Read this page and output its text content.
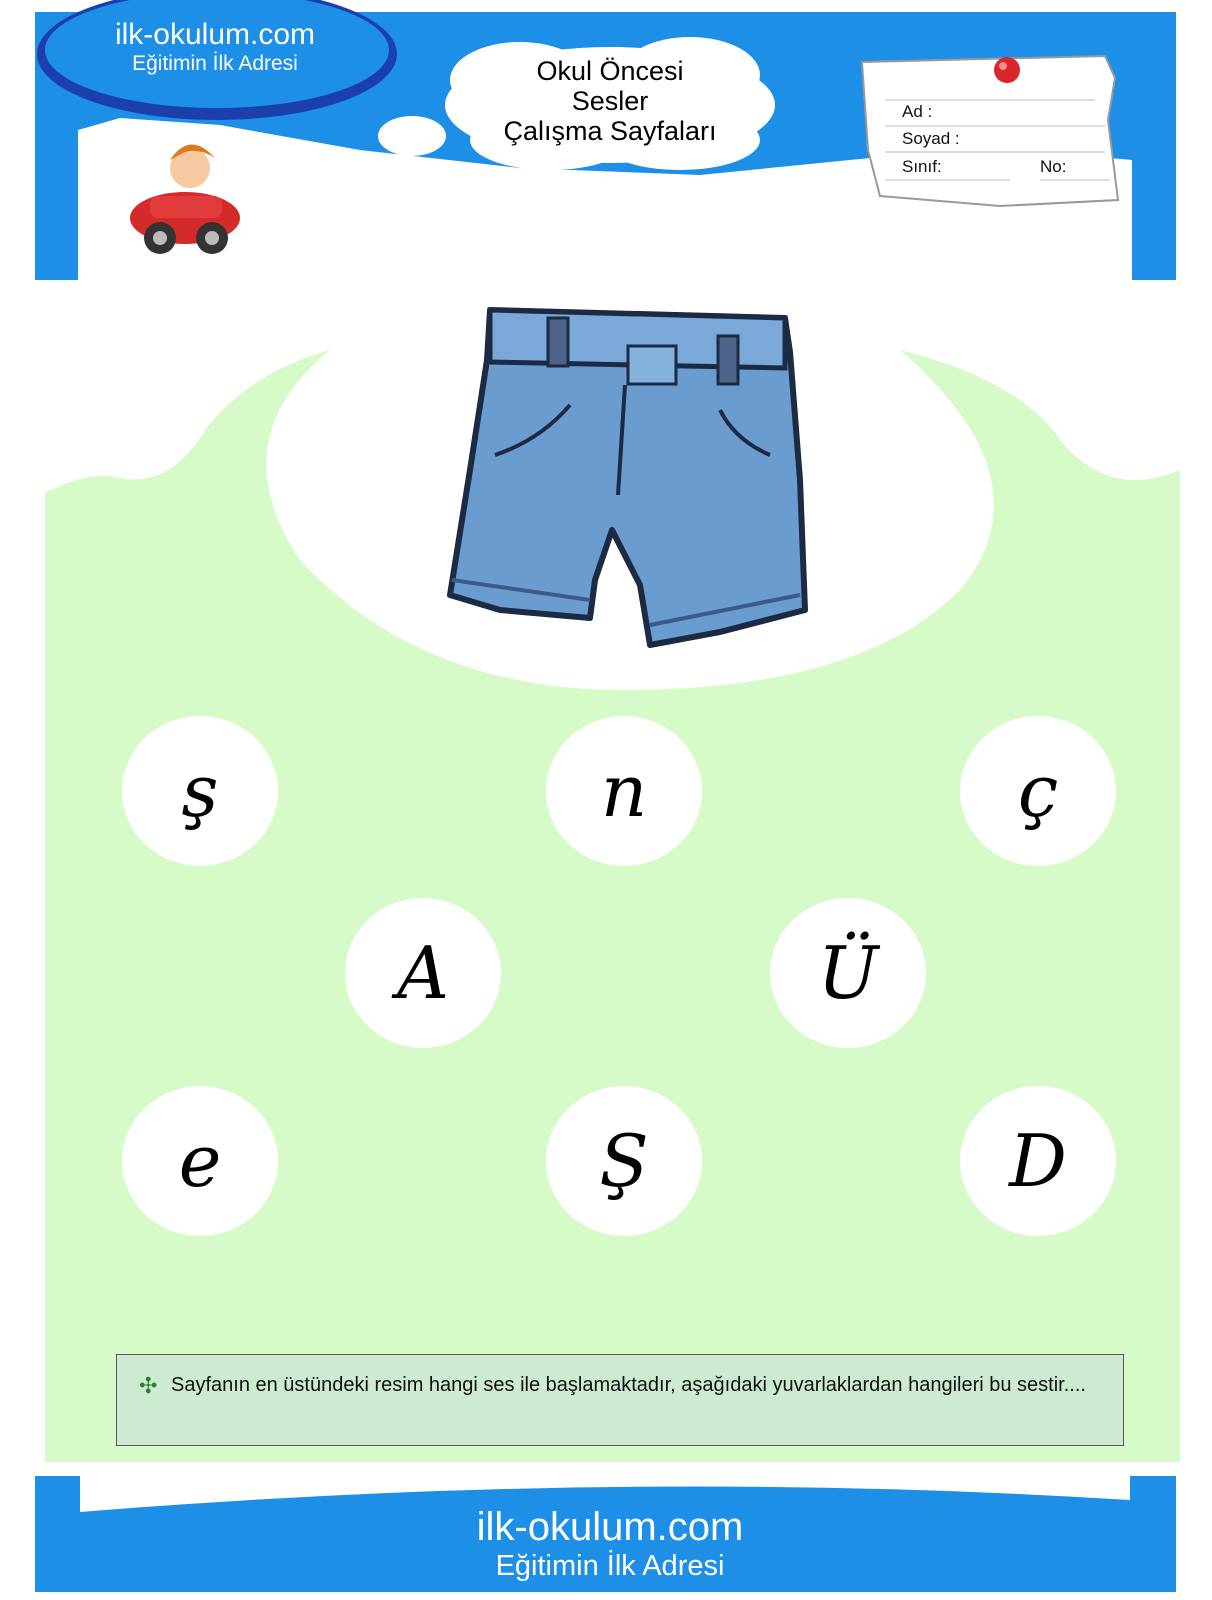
ilk-okulum.com
Eğitimin İlk Adresi	Okul Öncesi
Sesler
Çalışma Sayfaları
Ad :
Soyad :
Sınıf:	No:
ş	n	ç
A	Ü
e	Ş	D
✣ Sayfanın en üstündeki resim hangi ses ile başlamaktadır, aşağıdaki yuvarlaklardan hangileri bu sestir....
ilk-okulum.com
Eğitimin İlk Adresi
